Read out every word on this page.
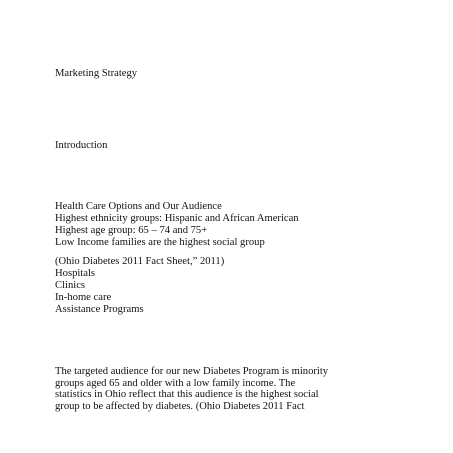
Marketing Strategy
Introduction
Health Care Options and Our Audience
Highest ethnicity groups: Hispanic and African American
Highest age group: 65 – 74 and 75+
Low Income families are the highest social group
(Ohio Diabetes 2011 Fact Sheet,” 2011)
Hospitals
Clinics
In-home care
Assistance Programs
The targeted audience for our new Diabetes Program is minority
groups aged 65 and older with a low family income. The
statistics in Ohio reflect that this audience is the highest social
group to be affected by diabetes. (Ohio Diabetes 2011 Fact
